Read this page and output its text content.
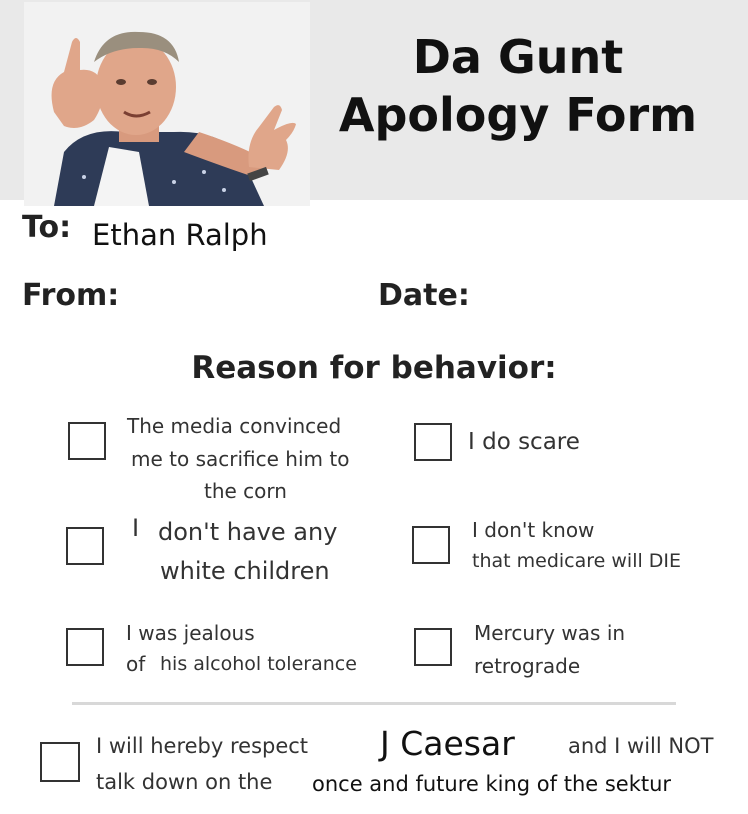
Da Gunt
Apology Form
To: Ethan Ralph
From:	Date:
Reason for behavior:
The media convinced
me to sacrifice him to
the corn
I do scare
I don't have any
white children
I don't know
that medicare will DIE
I was jealous
of his alcohol tolerance
Mercury was in
retrograde
I will hereby respect J Caesar	and I will NOT
talk down on the once and future king of the sektur
